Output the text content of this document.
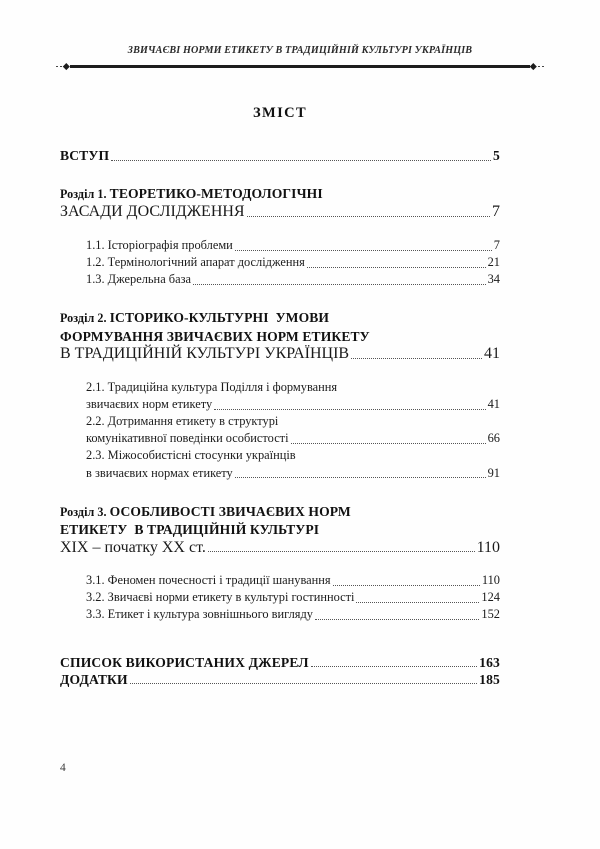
ЗВИЧАЄВІ НОРМИ ЕТИКЕТУ В ТРАДИЦІЙНІЙ КУЛЬТУРІ УКРАЇНЦІВ
ЗМІСТ
ВСТУП	5
Розділ 1. ТЕОРЕТИКО-МЕТОДОЛОГІЧНІ
ЗАСАДИ ДОСЛІДЖЕННЯ	7
1.1. Історіографія проблеми	7
1.2. Термінологічний апарат дослідження	21
1.3. Джерельна база	34
Розділ 2. ІСТОРИКО-КУЛЬТУРНІ  УМОВИ
ФОРМУВАННЯ ЗВИЧАЄВИХ НОРМ ЕТИКЕТУ
В ТРАДИЦІЙНІЙ КУЛЬТУРІ УКРАЇНЦІВ	41
2.1. Традиційна культура Поділля і формування
звичаєвих норм етикету	41
2.2. Дотримання етикету в структурі
комунікативної поведінки особистості	66
2.3. Міжособистісні стосунки українців
в звичаєвих нормах етикету	91
Розділ 3. ОСОБЛИВОСТІ ЗВИЧАЄВИХ НОРМ
ЕТИКЕТУ  В ТРАДИЦІЙНІЙ КУЛЬТУРІ
XIX – початку XX ст.	110
3.1. Феномен почесності і традиції шанування	110
3.2. Звичаєві норми етикету в культурі гостинності	124
3.3. Етикет і культура зовнішнього вигляду	152
СПИСОК ВИКОРИСТАНИХ ДЖЕРЕЛ	163
ДОДАТКИ	185
4
